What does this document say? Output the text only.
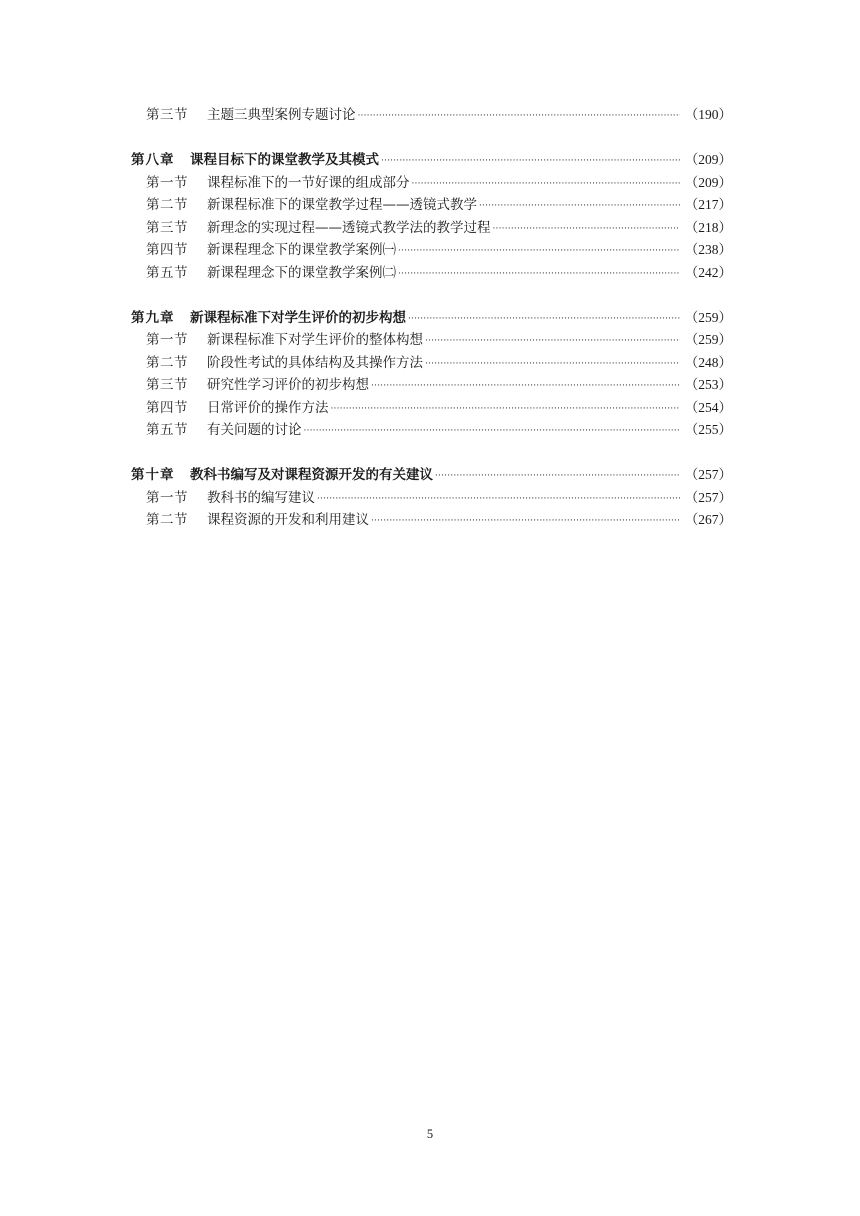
第三节	主题三典型案例专题讨论 ·····	（190）
第八章	课程目标下的课堂教学及其模式 ·····	（209）
第一节	课程标准下的一节好课的组成部分 ·····	（209）
第二节	新课程标准下的课堂教学过程——透镜式教学 ·····	（217）
第三节	新理念的实现过程——透镜式教学法的教学过程 ·····	（218）
第四节	新课程理念下的课堂教学案例㈠ ·····	（238）
第五节	新课程理念下的课堂教学案例㈡ ·····	（242）
第九章	新课程标准下对学生评价的初步构想 ·····	（259）
第一节	新课程标准下对学生评价的整体构想 ·····	（259）
第二节	阶段性考试的具体结构及其操作方法 ·····	（248）
第三节	研究性学习评价的初步构想 ·····	（253）
第四节	日常评价的操作方法 ·····	（254）
第五节	有关问题的讨论 ·····	（255）
第十章	教科书编写及对课程资源开发的有关建议 ·····	（257）
第一节	教科书的编写建议 ·····	（257）
第二节	课程资源的开发和利用建议 ·····	（267）
5
